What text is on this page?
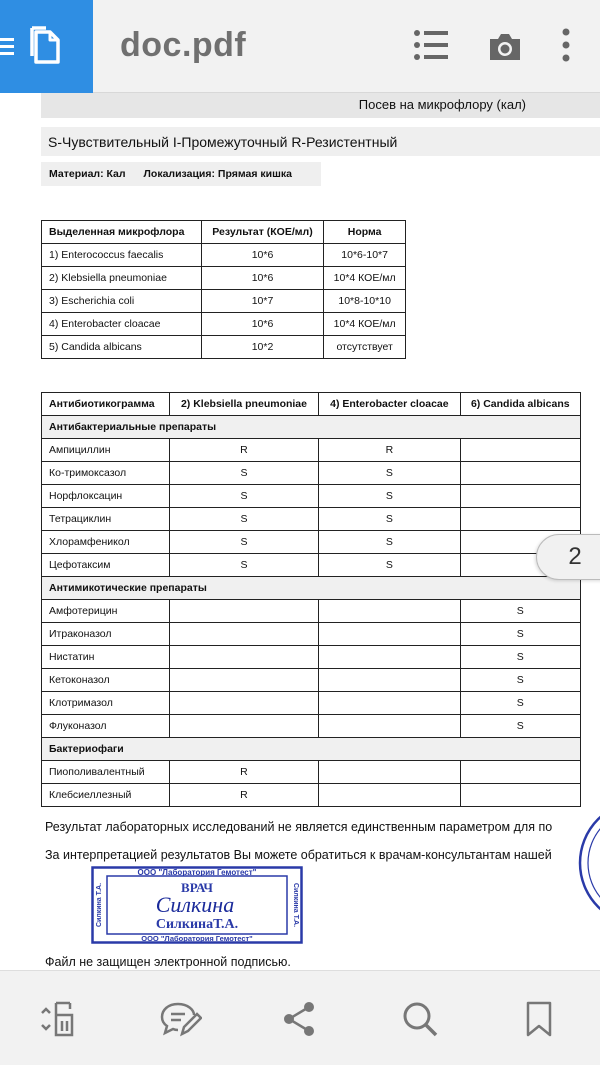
doc.pdf
Посев на микрофлору (кал)
S-Чувствительный I-Промежуточный R-Резистентный
Материал: Кал Локализация: Прямая кишка
Выделенная микрофлора	Результат (КОЕ/мл)	Норма
1) Enterococcus faecalis	10*6	10*6-10*7
2) Klebsiella pneumoniae	10*6	10*4 КОЕ/мл
3) Escherichia coli	10*7	10*8-10*10
4) Enterobacter cloacae	10*6	10*4 КОЕ/мл
5) Candida albicans	10*2	отсутствует
Антибиотикограмма	2) Klebsiella pneumoniae	4) Enterobacter cloacae	6) Candida albicans
Антибактериальные препараты			
Ампициллин	R	R	
Ко-тримоксазол	S	S	
Норфлоксацин	S	S	
Тетрациклин	S	S	
Хлорамфеникол	S	S	
Цефотаксим	S	S	
Антимикотические препараты			
Амфотерицин			S
Итраконазол			S
Нистатин			S
Кетоконазол			S
Клотримазол			S
Флуконазол			S
Бактериофаги			
Пиополивалентный	R		
Клебсиеллезный	R		
Результат лабораторных исследований не является единственным параметром для по
За интерпретацией результатов Вы можете обратиться к врачам-консультантам нашей
ООО "Лаборатория Гемотест"
ВРАЧ
Силкина
СилкинаТ.А.
ООО "Лаборатория Гемотест"
Силкина Т.А.	Силкина Т.А.
Файл не защищен электронной подписью.
2
